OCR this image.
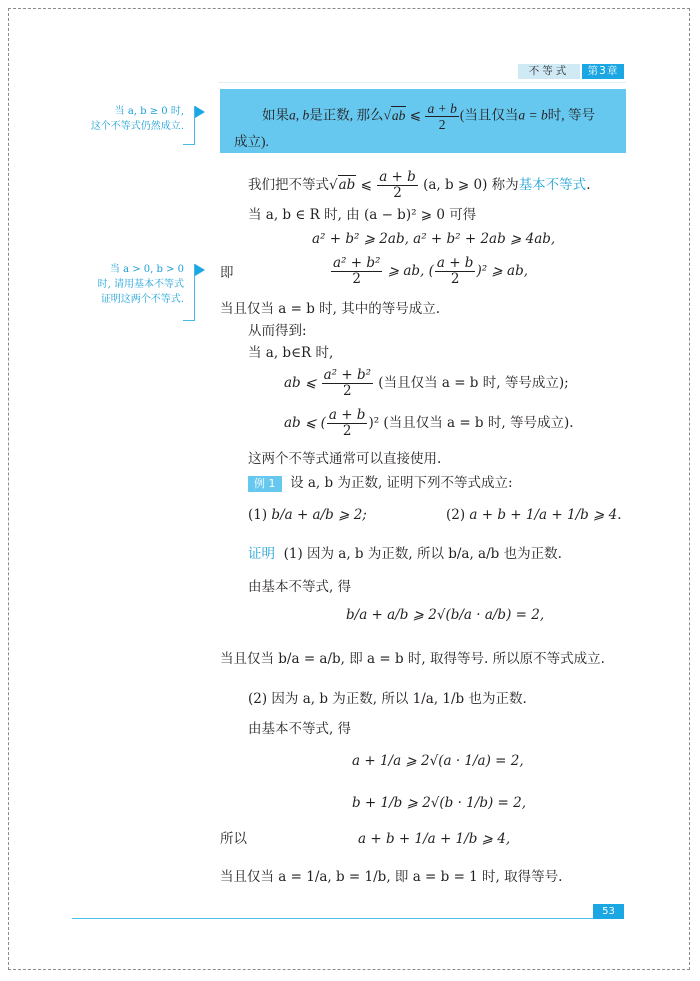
不等式	第3章
当 a, b ≥ 0 时,
这个不等式仍然成立.
如果a, b是正数, 那么√ab ⩽ $\frac{a + b}{2}$ (当且仅当a = b时, 等号
成立).
我们把不等式√ab ⩽ $\frac{a + b}{2} (a$, b ⩾ 0) 称为基本不等式.
当 a, b ∈ R 时, 由 (a − b)² ⩾ 0 可得
a² + b² ⩾ 2ab, a² + b² + 2ab ⩾ 4ab,
当 a > 0, b > 0
时, 请用基本不等式
证明这两个不等式.
即	$\frac{\text{a² + b²}}{2}$ ⩾ ab, ( $\frac{a + b}{2} )^2$ ⩾ ab,
当且仅当 a = b 时, 其中的等号成立.
从而得到:
当 a, b∈R 时,
ab ⩽ $\frac{\text{a² + b²}}{2}$ (当且仅当 a = b 时, 等号成立);
ab ⩽ ( $\frac{a + b}{2} )^2$ (当且仅当 a = b 时, 等号成立).
这两个不等式通常可以直接使用.
例 1 设 a, b 为正数, 证明下列不等式成立:
(1) b/a + a/b ⩾ 2;	(2) a + b + 1/a + 1/b ⩾ 4.
证明 (1) 因为 a, b 为正数, 所以 b/a, a/b 也为正数.
由基本不等式, 得
b/a + a/b ⩾ 2√(b/a · a/b) = 2,
当且仅当 b/a = a/b, 即 a = b 时, 取得等号. 所以原不等式成立.
(2) 因为 a, b 为正数, 所以 1/a, 1/b 也为正数.
由基本不等式, 得
a + 1/a ⩾ 2√(a · 1/a) = 2,
b + 1/b ⩾ 2√(b · 1/b) = 2,
所以	a + b + 1/a + 1/b ⩾ 4,
当且仅当 a = 1/a, b = 1/b, 即 a = b = 1 时, 取得等号.
53
